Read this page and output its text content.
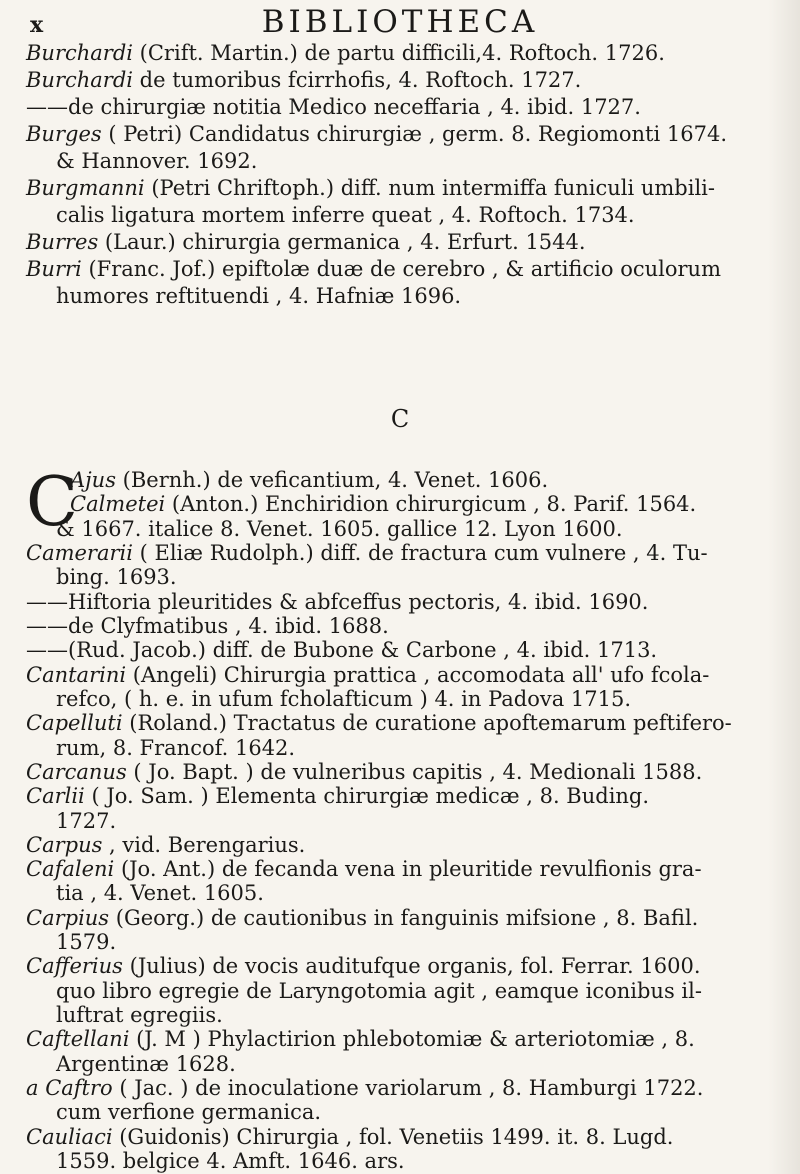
x	BIBLIOTHECA
C
C
Burchardi (Crift. Martin.) de partu difficili,4. Roftoch. 1726.
Burchardi de tumoribus fcirrhofis, 4. Roftoch. 1727.
——de chirurgiæ notitia Medico neceffaria , 4. ibid. 1727.
Burges ( Petri) Candidatus chirurgiæ , germ. 8. Regiomonti 1674.
& Hannover. 1692.
Burgmanni (Petri Chriftoph.) diff. num intermiffa funiculi umbili-
calis ligatura mortem inferre queat , 4. Roftoch. 1734.
Burres (Laur.) chirurgia germanica , 4. Erfurt. 1544.
Burri (Franc. Jof.) epiftolæ duæ de cerebro , & artificio oculorum
humores reftituendi , 4. Hafniæ 1696.
Ajus (Bernh.) de veficantium, 4. Venet. 1606.
Calmetei (Anton.) Enchiridion chirurgicum , 8. Parif. 1564.
& 1667. italice 8. Venet. 1605. gallice 12. Lyon 1600.
Camerarii ( Eliæ Rudolph.) diff. de fractura cum vulnere , 4. Tu-
bing. 1693.
——Hiftoria pleuritides & abfceffus pectoris, 4. ibid. 1690.
——de Clyfmatibus , 4. ibid. 1688.
——(Rud. Jacob.) diff. de Bubone & Carbone , 4. ibid. 1713.
Cantarini (Angeli) Chirurgia prattica , accomodata all' ufo fcola-
refco, ( h. e. in ufum fcholafticum ) 4. in Padova 1715.
Capelluti (Roland.) Tractatus de curatione apoftemarum peftifero-
rum, 8. Francof. 1642.
Carcanus ( Jo. Bapt. ) de vulneribus capitis , 4. Medionali 1588.
Carlii ( Jo. Sam. ) Elementa chirurgiæ medicæ , 8. Buding.
1727.
Carpus , vid. Berengarius.
Cafaleni (Jo. Ant.) de fecanda vena in pleuritide revulfionis gra-
tia , 4. Venet. 1605.
Carpius (Georg.) de cautionibus in fanguinis mifsione , 8. Bafil.
1579.
Cafferius (Julius) de vocis auditufque organis, fol. Ferrar. 1600.
quo libro egregie de Laryngotomia agit , eamque iconibus il-
luftrat egregiis.
Caftellani (J. M ) Phylactirion phlebotomiæ & arteriotomiæ , 8.
Argentinæ 1628.
a Caftro ( Jac. ) de inoculatione variolarum , 8. Hamburgi 1722.
cum verfione germanica.
Cauliaci (Guidonis) Chirurgia , fol. Venetiis 1499. it. 8. Lugd.
1559. belgice 4. Amft. 1646. ars.
